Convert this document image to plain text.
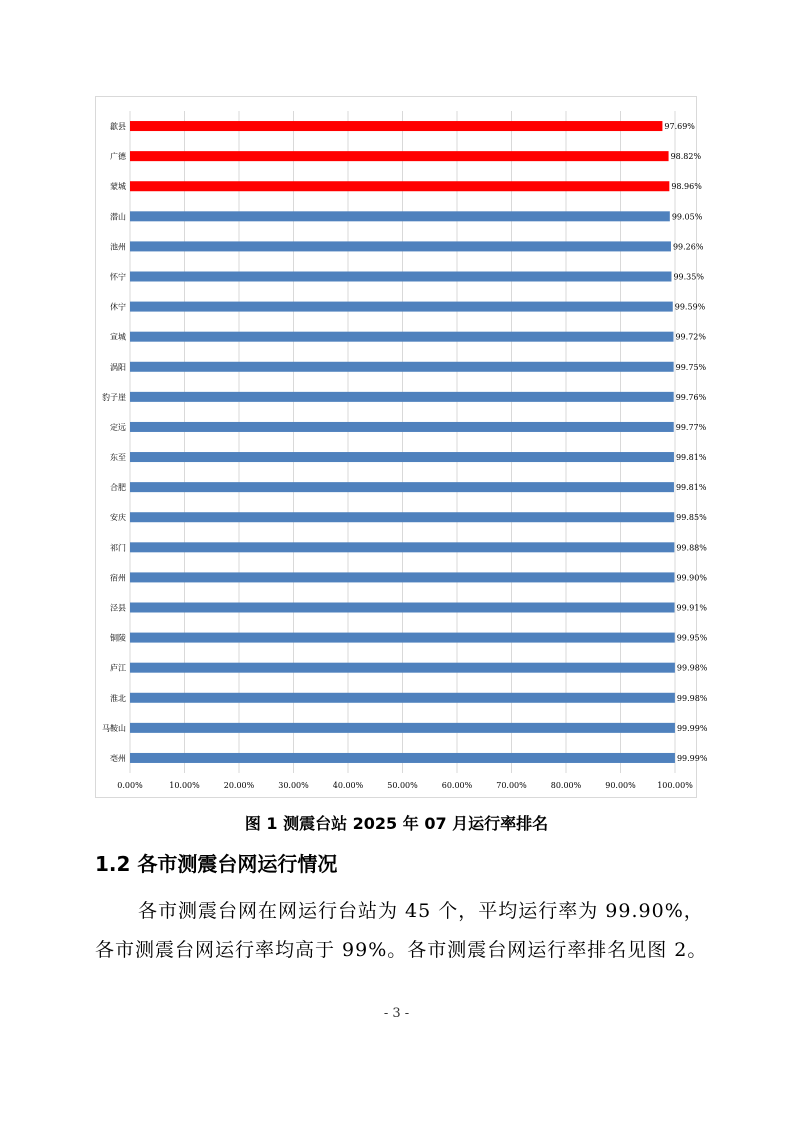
0.00%	10.00%	20.00%	30.00%	40.00%	50.00%	60.00%	70.00%	80.00%	90.00%	100.00%
歙县	97.69%
广德	98.82%
蒙城	98.96%
潜山	99.05%
池州	99.26%
怀宁	99.35%
休宁	99.59%
宣城	99.72%
涡阳	99.75%
豹子崖	99.76%
定远	99.77%
东至	99.81%
合肥	99.81%
安庆	99.85%
祁门	99.88%
宿州	99.90%
泾县	99.91%
铜陵	99.95%
庐江	99.98%
淮北	99.98%
马鞍山	99.99%
亳州	99.99%
图 1 测震台站 2025 年 07 月运行率排名
1.2 各市测震台网运行情况
各市测震台网在网运行台站为 45 个，平均运行率为 99.90%，
各市测震台网运行率均高于 99%。各市测震台网运行率排名见图 2。
- 3 -
